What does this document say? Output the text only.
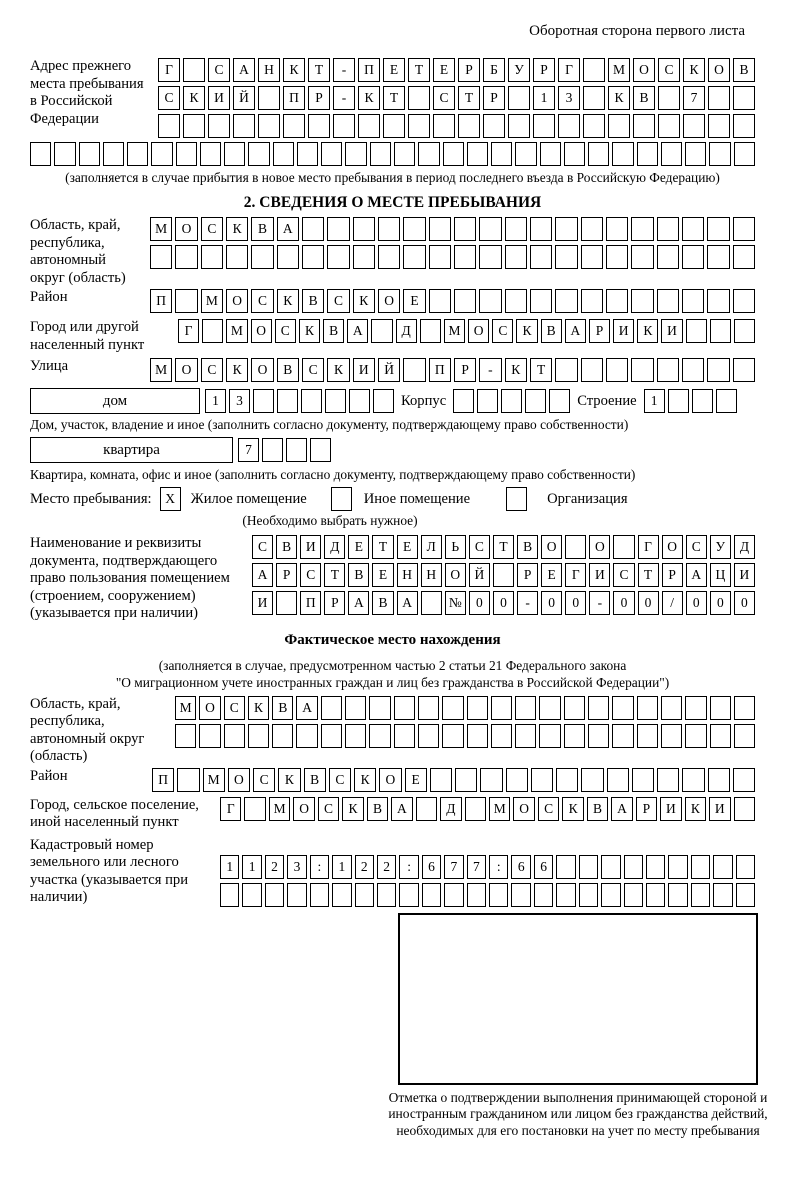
Оборотная сторона первого листа
Адрес прежнего места пребывания в Российской Федерации
Г	С	А	Н	К	Т	-	П	Е	Т	Е	Р	Б	У	Р	Г	М	О	С	К	О	В
С	К	И	Й	П	Р	-	К	Т	С	Т	Р	1	3	К	В	7
(заполняется в случае прибытия в новое место пребывания в период последнего въезда в Российскую Федерацию)
2. СВЕДЕНИЯ О МЕСТЕ ПРЕБЫВАНИЯ
Область, край, республика, автономный округ (область)
М	О	С	К	В	А
Район	П	М	О	С	К	В	С	К	О	Е
Город или другой населенный пункт
Г	М О	С	К	В	А	Д	М О	С	К	В	А	Р	И	К	И
Улица	М	О	С	К	О	В	С	К	И	Й	П	Р	-	К	Т
дом	1	3	Корпус	Строение	1
Дом, участок, владение и иное (заполнить согласно документу, подтверждающему право собственности)
квартира	7
Квартира, комната, офис и иное (заполнить согласно документу, подтверждающему право собственности)
Место пребывания:	X	Жилое помещение	Иное помещение	Организация
(Необходимо выбрать нужное)
Наименование и реквизиты документа, подтверждающего право пользования помещением (строением, сооружением) (указывается при наличии)
С	В	И	Д	Е	Т	Е	Л	Ь	С	Т	В	О	О	Г	О	С	У	Д
А	Р	С	Т	В	Е	Н	Н	О	Й	Р	Е	Г	И	С	Т	Р	А	Ц	И
И	П	Р	А	В	А	№	0	0	-	0	0	-	0	0	/	0	0	0
Фактическое место нахождения
(заполняется в случае, предусмотренном частью 2 статьи 21 Федерального закона
"О миграционном учете иностранных граждан и лиц без гражданства в Российской Федерации")
Область, край, республика, автономный округ (область)
М О	С	К	В	А
Район	П	М	О	С	К	В	С	К	О	Е
Город, сельское поселение, иной населенный пункт
Г	М	О	С	К	В	А	Д	М	О	С	К	В	А	Р	И	К	И
Кадастровый номер земельного или лесного участка (указывается при наличии)
1	1	2	3	:	1	2	2	:	6	7	7	:	6	6
Отметка о подтверждении выполнения принимающей стороной и иностранным гражданином или лицом без гражданства действий, необходимых для его постановки на учет по месту пребывания
